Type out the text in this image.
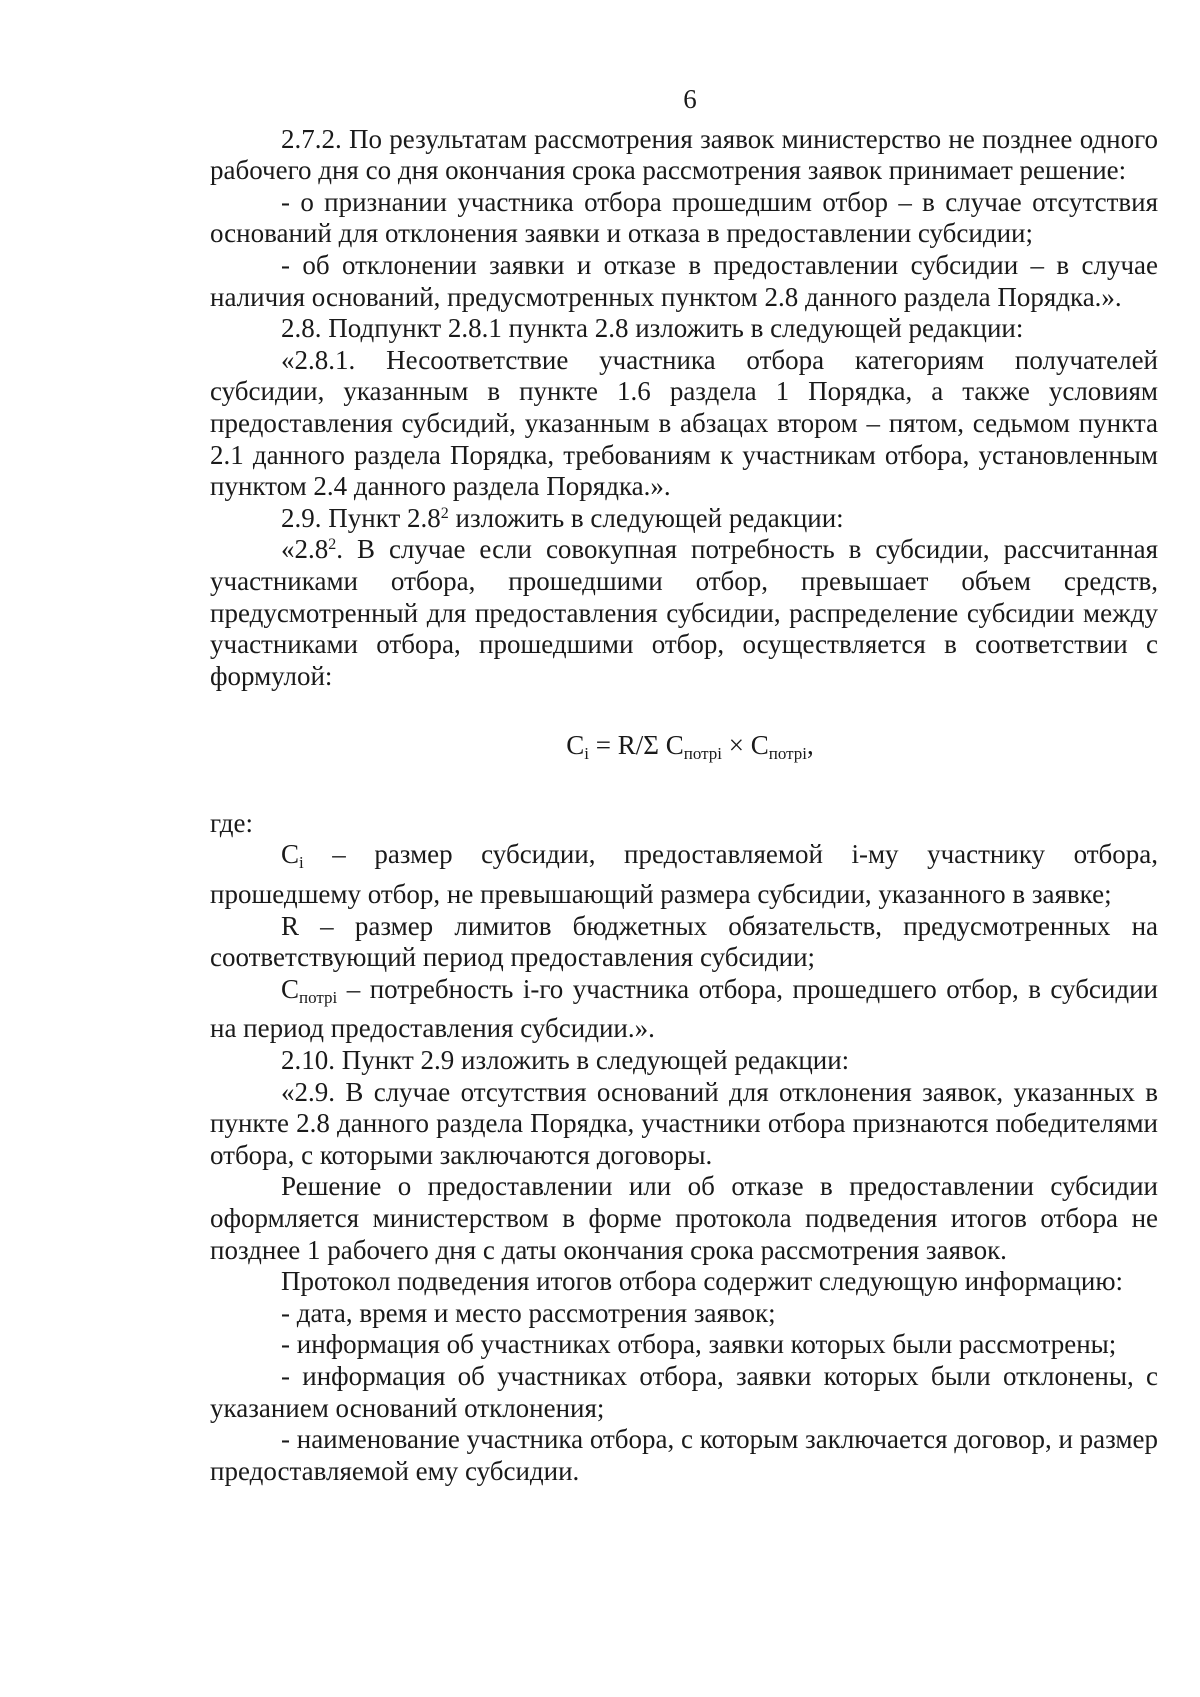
6

2.7.2. По результатам рассмотрения заявок министерство не позднее одного рабочего дня со дня окончания срока рассмотрения заявок принимает решение:

- о признании участника отбора прошедшим отбор – в случае отсутствия оснований для отклонения заявки и отказа в предоставлении субсидии;

- об отклонении заявки и отказе в предоставлении субсидии – в случае наличия оснований, предусмотренных пунктом 2.8 данного раздела Порядка.».

2.8. Подпункт 2.8.1 пункта 2.8 изложить в следующей редакции:

«2.8.1. Несоответствие участника отбора категориям получателей субсидии, указанным в пункте 1.6 раздела 1 Порядка, а также условиям предоставления субсидий, указанным в абзацах втором – пятом, седьмом пункта 2.1 данного раздела Порядка, требованиям к участникам отбора, установленным пунктом 2.4 данного раздела Порядка.».

2.9. Пункт $2.8^2$ изложить в следующей редакции:

«$2.8^2$. В случае если совокупная потребность в субсидии, рассчитанная участниками отбора, прошедшими отбор, превышает объем средств, предусмотренный для предоставления субсидии, распределение субсидии между участниками отбора, прошедшими отбор, осуществляется в соответствии с формулой:

$C_i = R/\Sigma$ $C_{потрi} \times C_{потрi}$,

где:

$C_i$ – размер субсидии, предоставляемой i-му участнику отбора, прошедшему отбор, не превышающий размера субсидии, указанного в заявке;

R – размер лимитов бюджетных обязательств, предусмотренных на соответствующий период предоставления субсидии;

$C_{потрi}$ – потребность i-го участника отбора, прошедшего отбор, в субсидии на период предоставления субсидии.».

2.10. Пункт 2.9 изложить в следующей редакции:

«2.9. В случае отсутствия оснований для отклонения заявок, указанных в пункте 2.8 данного раздела Порядка, участники отбора признаются победителями отбора, с которыми заключаются договоры.

Решение о предоставлении или об отказе в предоставлении субсидии оформляется министерством в форме протокола подведения итогов отбора не позднее 1 рабочего дня с даты окончания срока рассмотрения заявок.

Протокол подведения итогов отбора содержит следующую информацию:

- дата, время и место рассмотрения заявок;

- информация об участниках отбора, заявки которых были рассмотрены;

- информация об участниках отбора, заявки которых были отклонены, с указанием оснований отклонения;

- наименование участника отбора, с которым заключается договор, и размер предоставляемой ему субсидии.
